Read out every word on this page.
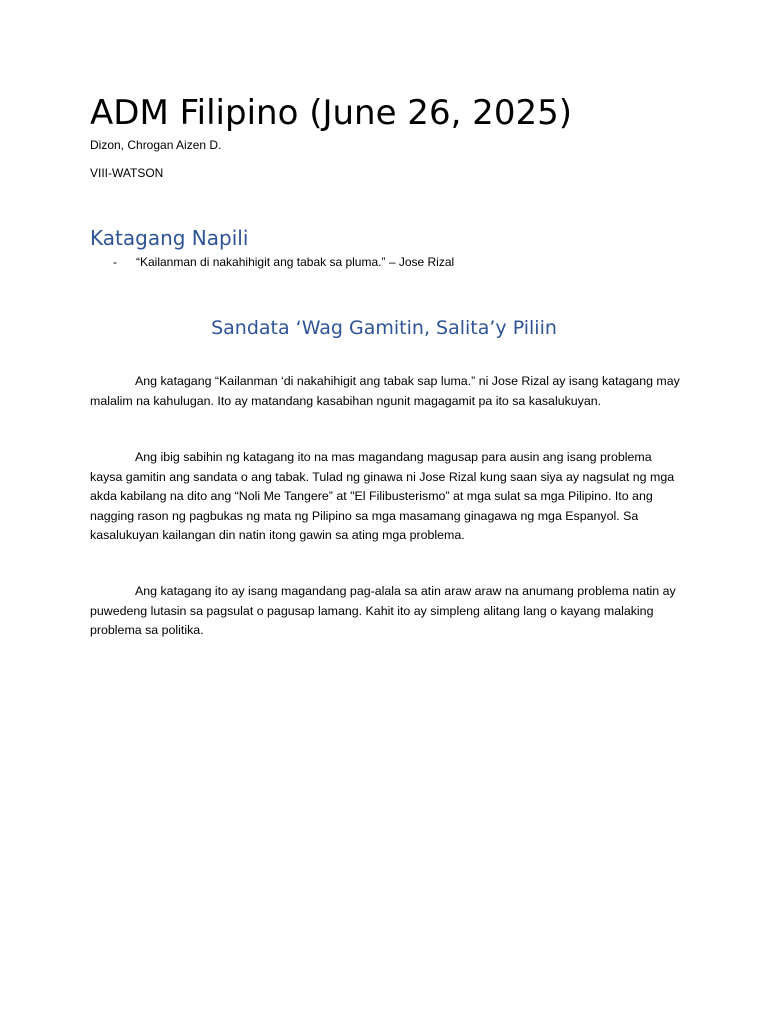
ADM Filipino (June 26, 2025)
Dizon, Chrogan Aizen D.
VIII-WATSON
Katagang Napili
- “Kailanman di nakahihigit ang tabak sa pluma.” – Jose Rizal
Sandata ‘Wag Gamitin, Salita’y Piliin

Ang katagang “Kailanman ‘di nakahihigit ang tabak sap luma.” ni Jose Rizal ay isang katagang may malalim na kahulugan. Ito ay matandang kasabihan ngunit magagamit pa ito sa kasalukuyan.

Ang ibig sabihin ng katagang ito na mas magandang magusap para ausin ang isang problema kaysa gamitin ang sandata o ang tabak. Tulad ng ginawa ni Jose Rizal kung saan siya ay nagsulat ng mga akda kabilang na dito ang “Noli Me Tangere” at "El Filibusterismo” at mga sulat sa mga Pilipino. Ito ang nagging rason ng pagbukas ng mata ng Pilipino sa mga masamang ginagawa ng mga Espanyol. Sa kasalukuyan kailangan din natin itong gawin sa ating mga problema.

Ang katagang ito ay isang magandang pag-alala sa atin araw araw na anumang problema natin ay puwedeng lutasin sa pagsulat o pagusap lamang. Kahit ito ay simpleng alitang lang o kayang malaking problema sa politika.
